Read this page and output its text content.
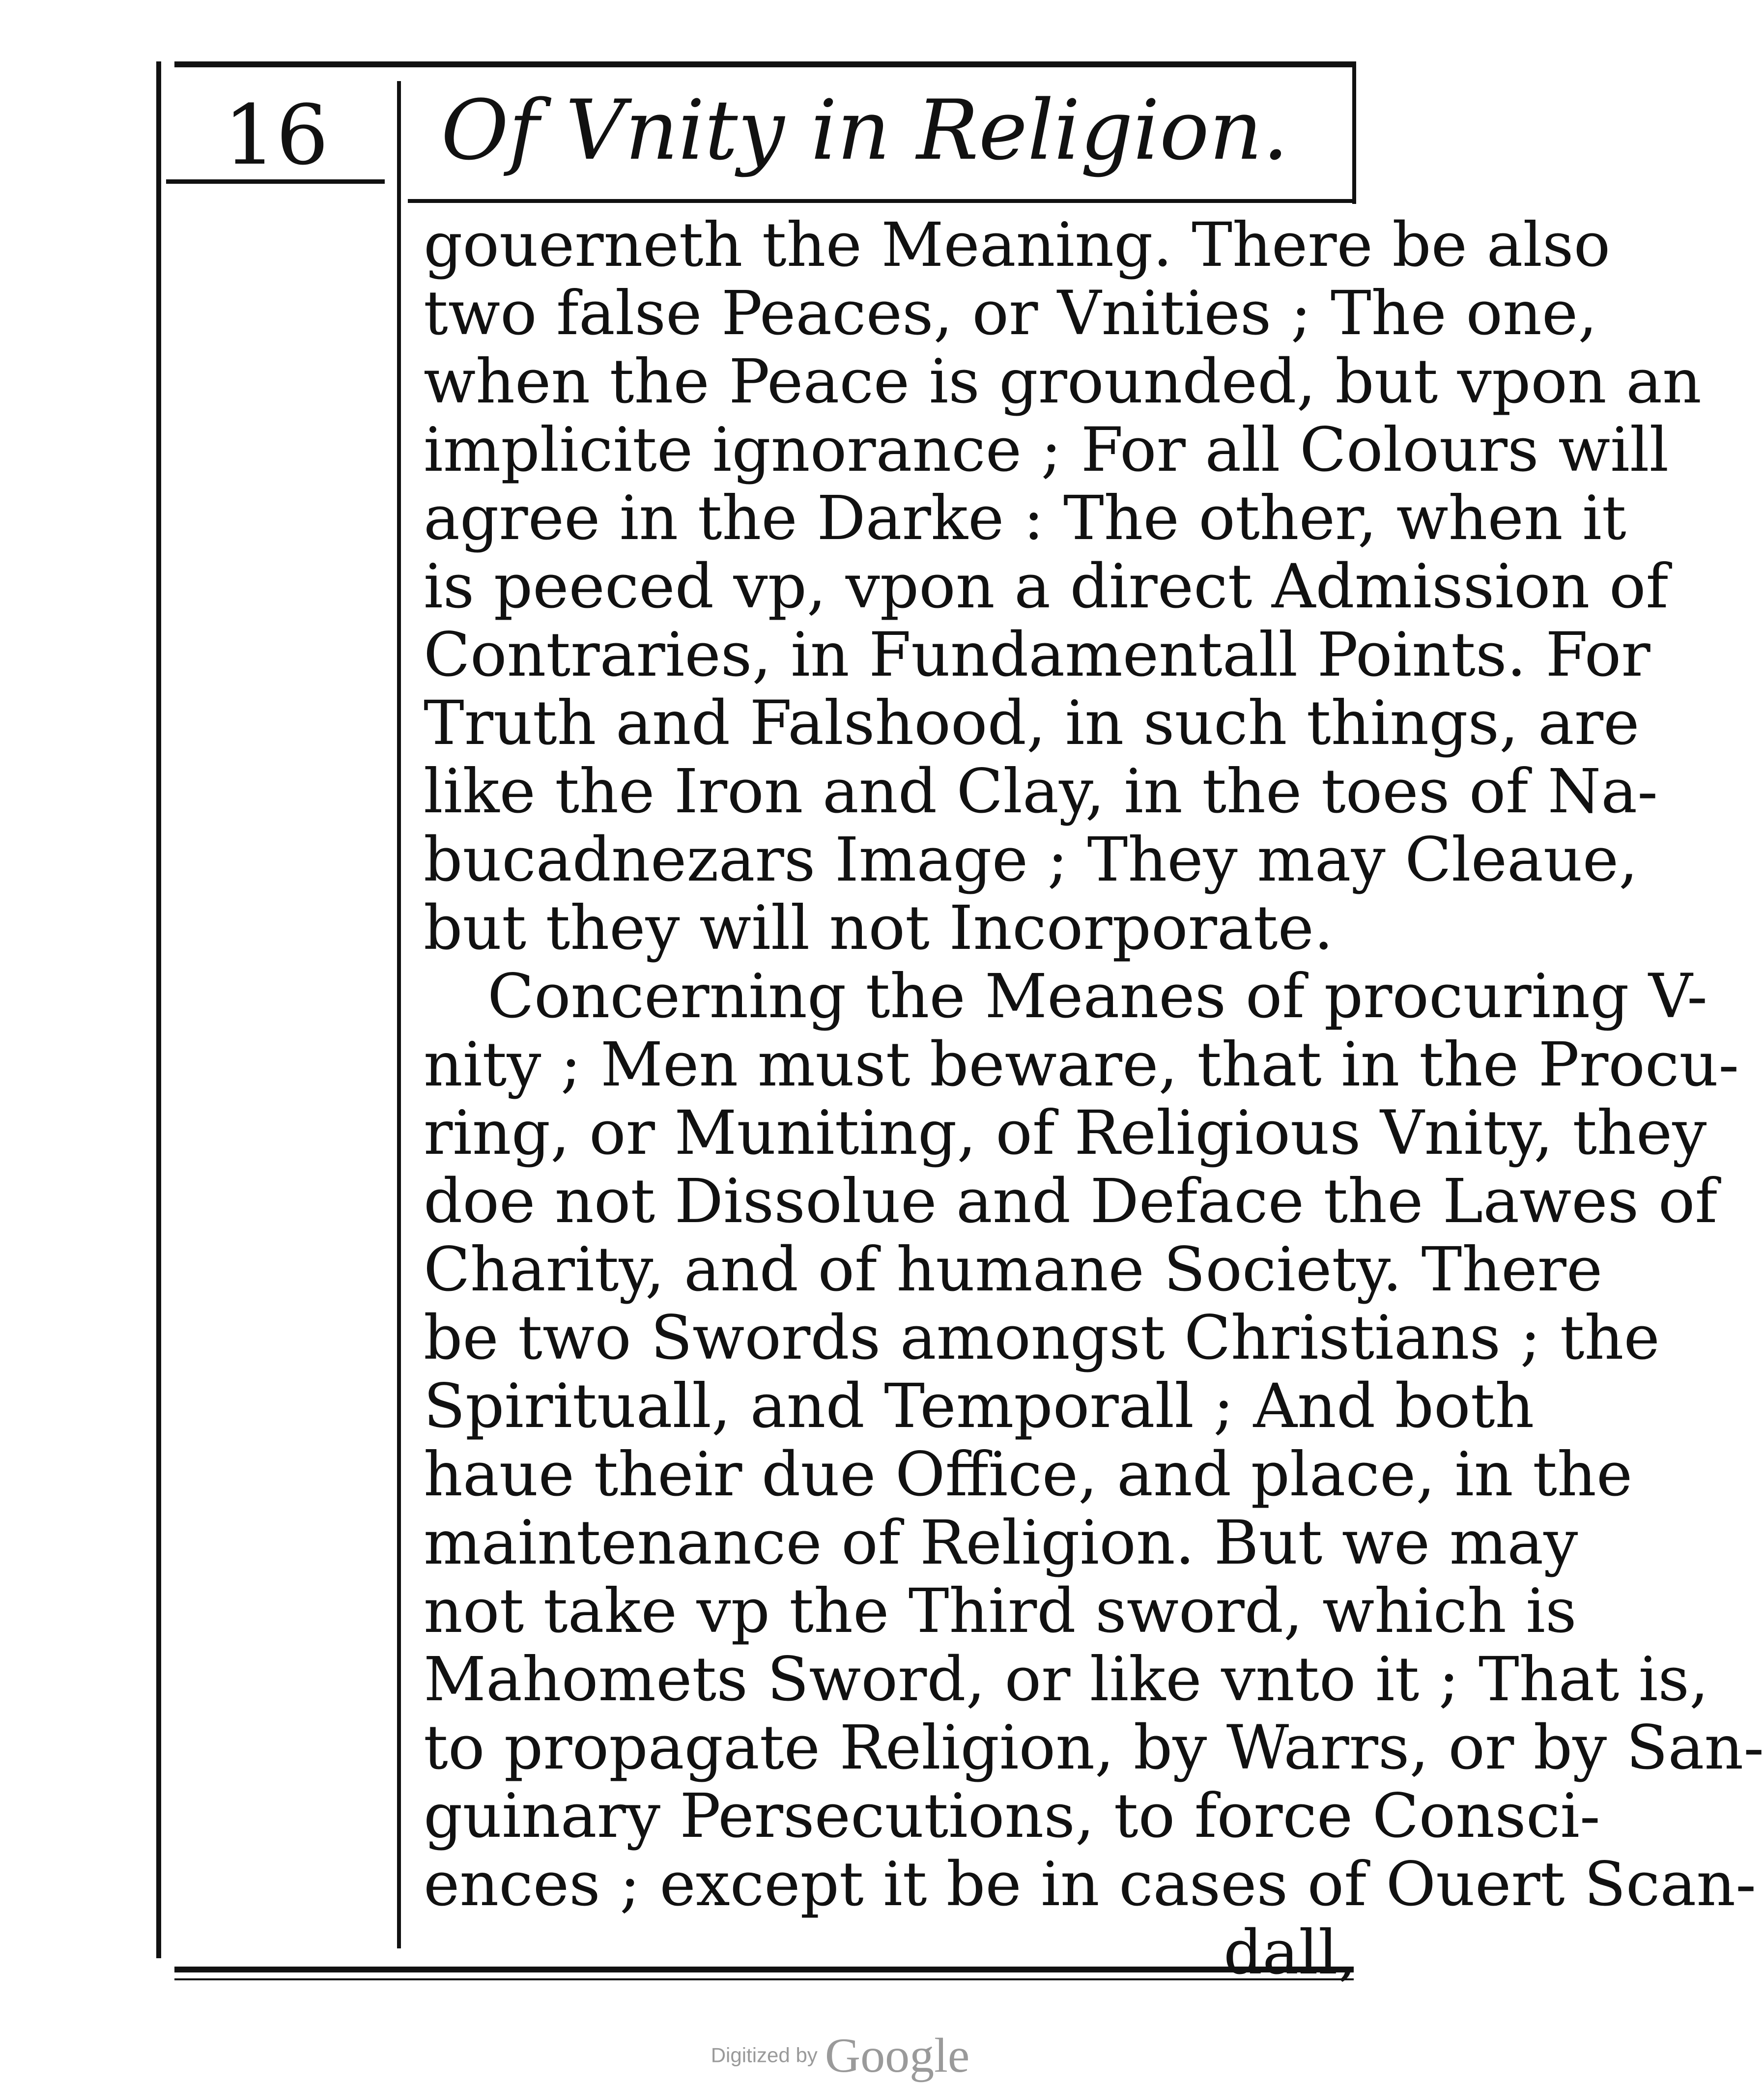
16	Of Vnity in Religion.
gouerneth the Meaning. There be also
two false Peaces, or Vnities ; The one,
when the Peace is grounded, but vpon an
implicite ignorance ; For all Colours will
agree in the Darke : The other, when it
is peeced vp, vpon a direct Admission of
Contraries, in Fundamentall Points. For
Truth and Falshood, in such things, are
like the Iron and Clay, in the toes of Na-
bucadnezars Image ; They may Cleaue,
but they will not Incorporate.
Concerning the Meanes of procuring V-
nity ; Men must beware, that in the Procu-
ring, or Muniting, of Religious Vnity, they
doe not Dissolue and Deface the Lawes of
Charity, and of humane Society. There
be two Swords amongst Christians ; the
Spirituall, and Temporall ; And both
haue their due Office, and place, in the
maintenance of Religion. But we may
not take vp the Third sword, which is
Mahomets Sword, or like vnto it ; That is,
to propagate Religion, by Warrs, or by San-
guinary Persecutions, to force Consci-
ences ; except it be in cases of Ouert Scan-
dall,
Digitized by Google
